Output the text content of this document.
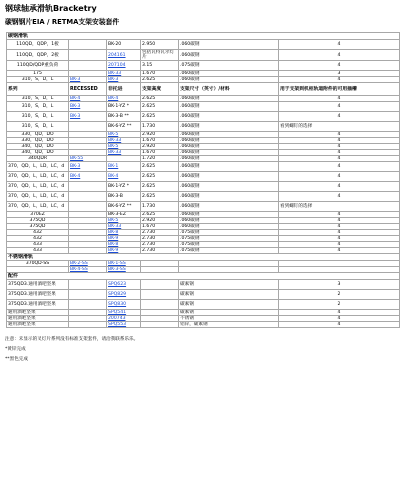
钢球轴承滑轨Bracketry
碳钢钢片EIA / RETMA支架安装套件
碳钢滑轨					
110QD，QDP，1板		BK-20	2.950	.060碳钢	4
110QD，QDP，2板		204161	包括瓦特瓦尔灯片	.060碳钢	4
110QD/QDP重负荷		207104	3.15	.075碳钢	4
175		BK-33	1.670	.060碳钢	3
310，S，D，L	BK-3	BK-3	2.625	.060碳钢	4
系列	RECESSED	非托进	支架高度	支架尺寸（英寸）/材料	用于支架到机柜轨道附件的可用插槽
310，S，D，L	BK-4	BK-4	2.625	.060碳钢	4
310，S，D，L	BK-3	BK-1-YZ *	2.625	.060碳钢	4
310，S，D，L	BK-3	BK-3-B **	2.625	.060碳钢	4
310，S，D，L		BK-6-YZ **	1.730	.060碳钢	看到螺钉的选择
330，QD，DO		BK-5	2.920	.060碳钢	4
330，QD，DO		BK-33	1.670	.060碳钢	4
340，QD，DO		BK-5	2.920	.060碳钢	4
340，QD，DO		BK-33	1.670	.060碳钢	4
340QDR	BK-55		1.720	.060碳钢	4
370，QD，L，LD，LC，d	BK-3	BK-1	2.625	.060碳钢	4
370，QD，L，LD，LC，d	BK-4	BK-4	2.625	.060碳钢	4
370，QD，L，LD，LC，d		BK-1-YZ *	2.625	.060碳钢	4
370，QD，L，LD，LC，d		BK-3-B	2.625	.060碳钢	4
370，QD，L，LD，LC，d		BK-6-YZ **	1.730	.060碳钢	看到螺钉的选择
370EZ		BK-3-EZ	2.625	.060碳钢	4
375QD		BK-5	2.920	.060碳钢	4
375QD		BK-33	1.670	.060碳钢	4
432		BK-8	2.730	.075碳钢	4
432		BK-9	2.730	.075碳钢	4
433		BK-8	2.730	.075碳钢	4
433		BK-9	2.730	.075碳钢	4
不锈钢滑轨					
370QD-SS	BK-2-SS	BK-1-SS			
	BK-4-SS	BK-3-SS			
配件					
375QD3.通用酒吧坚果		SPQ623		碳素钢	3
375QD3.通用酒吧坚果		SPQ829		碳素钢	2
375QD3.通用酒吧坚果		SPQ830		碳素钢	2
通用酒吧坚果		SPQ541		碳素钢	4
通用酒吧坚果		200743		不锈钢	4
通用酒吧坚果		SPQ553		铝锌，碳素钢	4
注意：未显示的叉灯片系列没有标准支架套件，请洽我联系乐乐。
*黄锌完成
**黑色完成
